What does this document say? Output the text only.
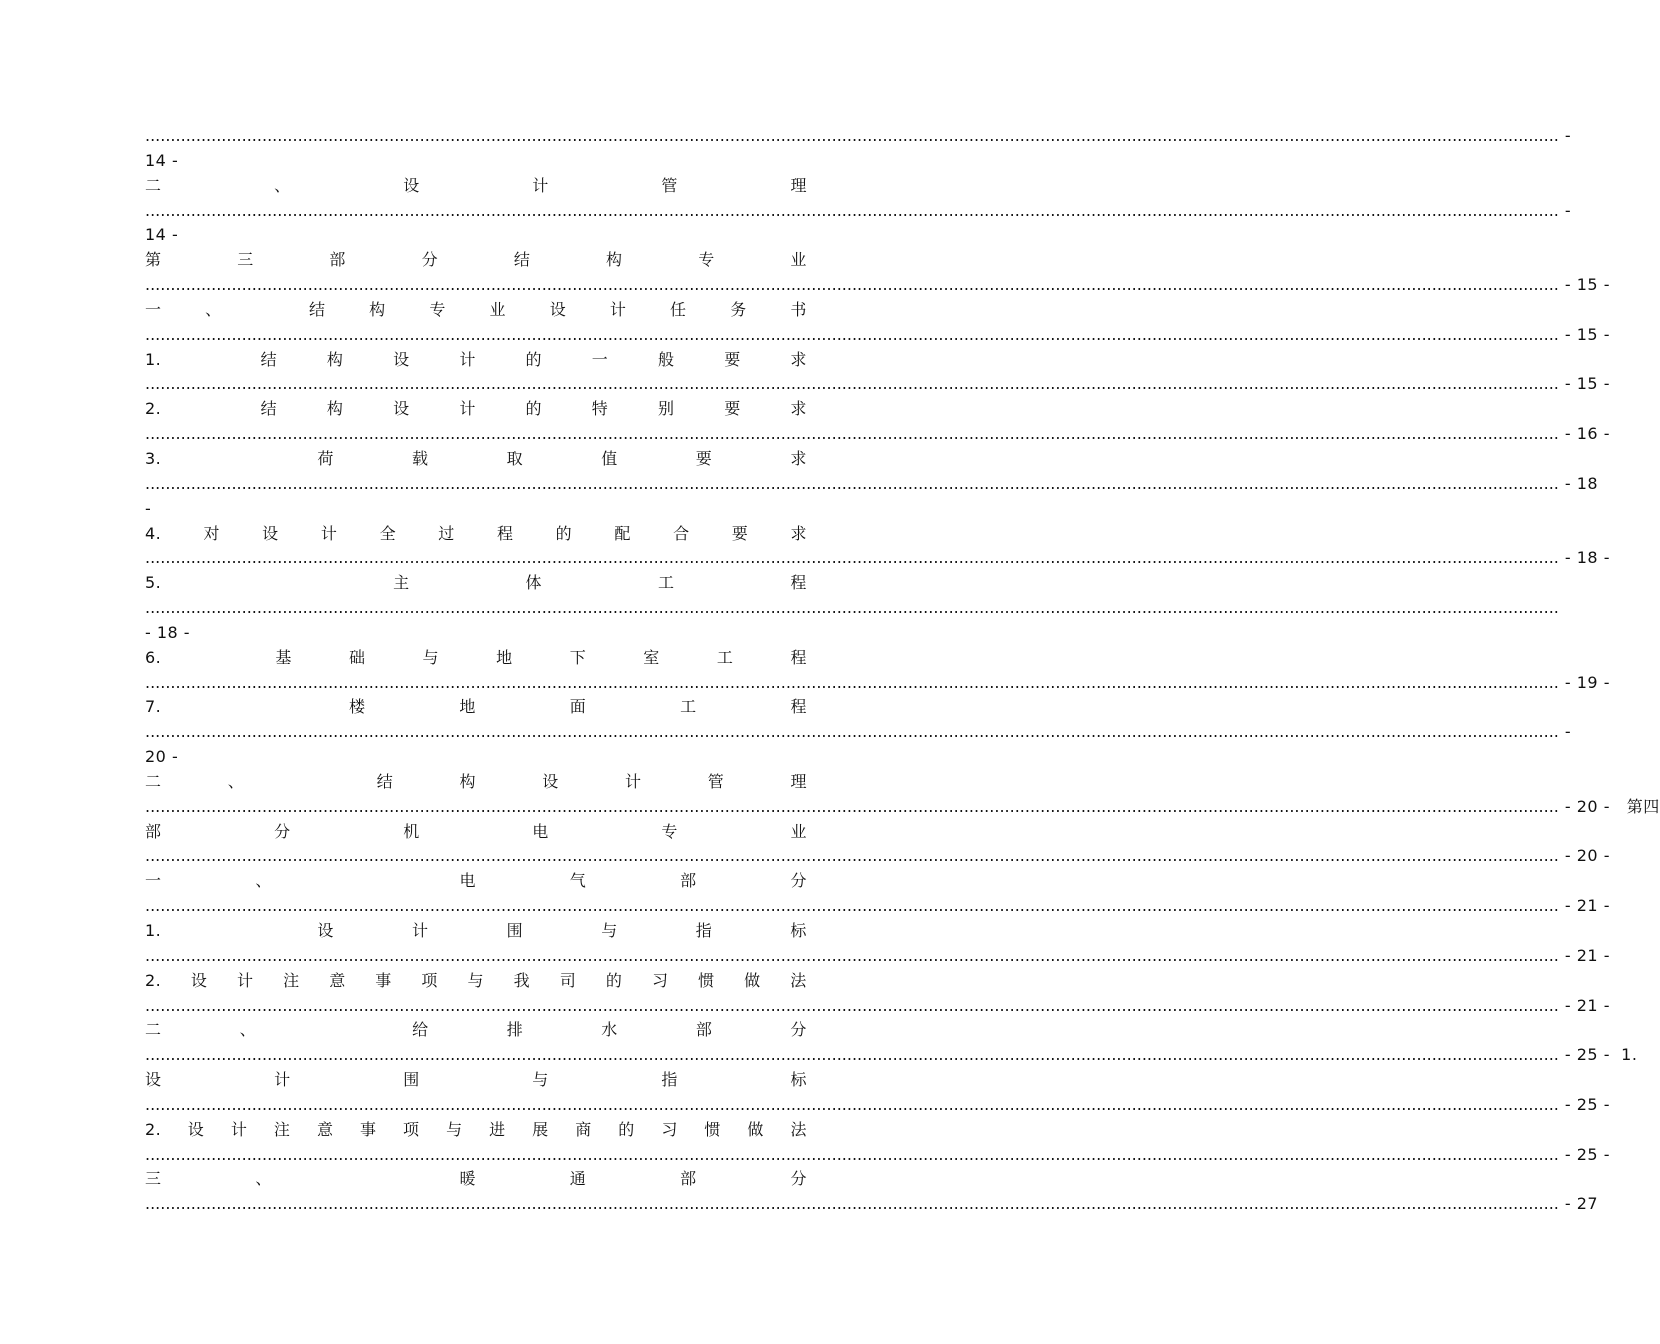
.....
-
14 -
二	、	设	计	管	理
.....
-
14 -
第	三	部	分	结	构	专	业
.....
- 15 -
一	、	结	构	专	业	设	计	任	务	书
.....
- 15 -
1.	结	构	设	计	的	一	般	要	求
.....
- 15 -
2.	结	构	设	计	的	特	别	要	求
.....
- 16 -
3.	荷	载	取	值	要	求
.....
- 18
-
4.	对	设	计	全	过	程	的	配	合	要	求
.....
- 18 -
5.	主	体	工	程
.....
- 18 -
6.	基	础	与	地	下	室	工	程
.....
- 19 -
7.	楼	地	面	工	程
.....
-
20 -
二	、	结	构	设	计	管	理
.....
- 20 -   第四
部	分	机	电	专	业
.....
- 20 -
一	、	电	气	部	分
.....
- 21 -
1.	设	计	围	与	指	标
.....
- 21 -
2. 设 计 注 意 事 项 与 我 司 的 习 惯 做 法
.....
- 21 -
二	、	给	排	水	部	分
.....
- 25 -  1.
设	计	围	与	指	标
.....
- 25 -
2. 设 计 注 意 事 项 与 进 展 商 的 习 惯 做 法
.....
- 25 -
三	、	暖	通	部	分
.....
- 27
